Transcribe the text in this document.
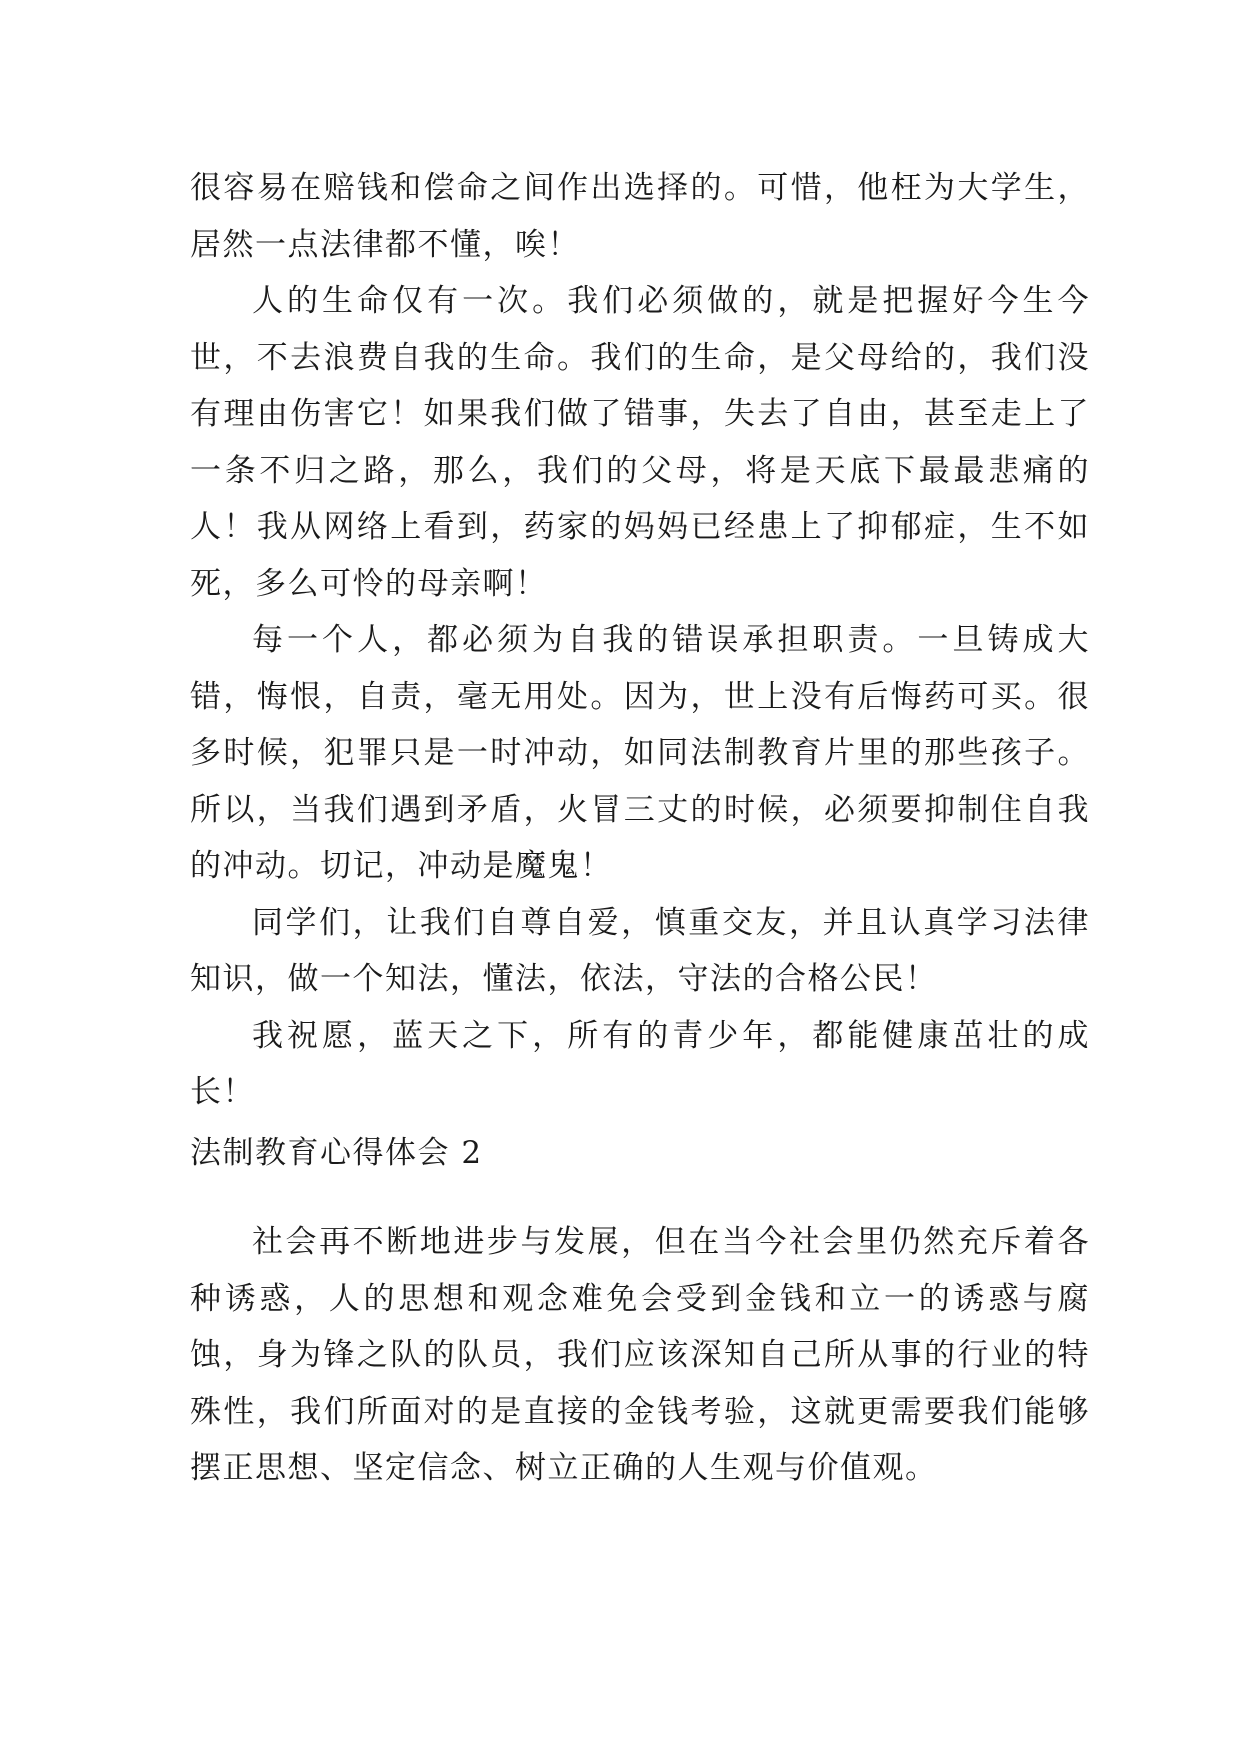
很容易在赔钱和偿命之间作出选择的。可惜，他枉为大学生，居然一点法律都不懂，唉！

人的生命仅有一次。我们必须做的，就是把握好今生今世，不去浪费自我的生命。我们的生命，是父母给的，我们没有理由伤害它！如果我们做了错事，失去了自由，甚至走上了一条不归之路，那么，我们的父母，将是天底下最最悲痛的人！我从网络上看到，药家的妈妈已经患上了抑郁症，生不如死，多么可怜的母亲啊！

每一个人，都必须为自我的错误承担职责。一旦铸成大错，悔恨，自责，毫无用处。因为，世上没有后悔药可买。很多时候，犯罪只是一时冲动，如同法制教育片里的那些孩子。所以，当我们遇到矛盾，火冒三丈的时候，必须要抑制住自我的冲动。切记，冲动是魔鬼！

同学们，让我们自尊自爱，慎重交友，并且认真学习法律知识，做一个知法，懂法，依法，守法的合格公民！

我祝愿，蓝天之下，所有的青少年，都能健康茁壮的成长！

法制教育心得体会 2

社会再不断地进步与发展，但在当今社会里仍然充斥着各种诱惑，人的思想和观念难免会受到金钱和立一的诱惑与腐蚀，身为锋之队的队员，我们应该深知自己所从事的行业的特殊性，我们所面对的是直接的金钱考验，这就更需要我们能够摆正思想、坚定信念、树立正确的人生观与价值观。
